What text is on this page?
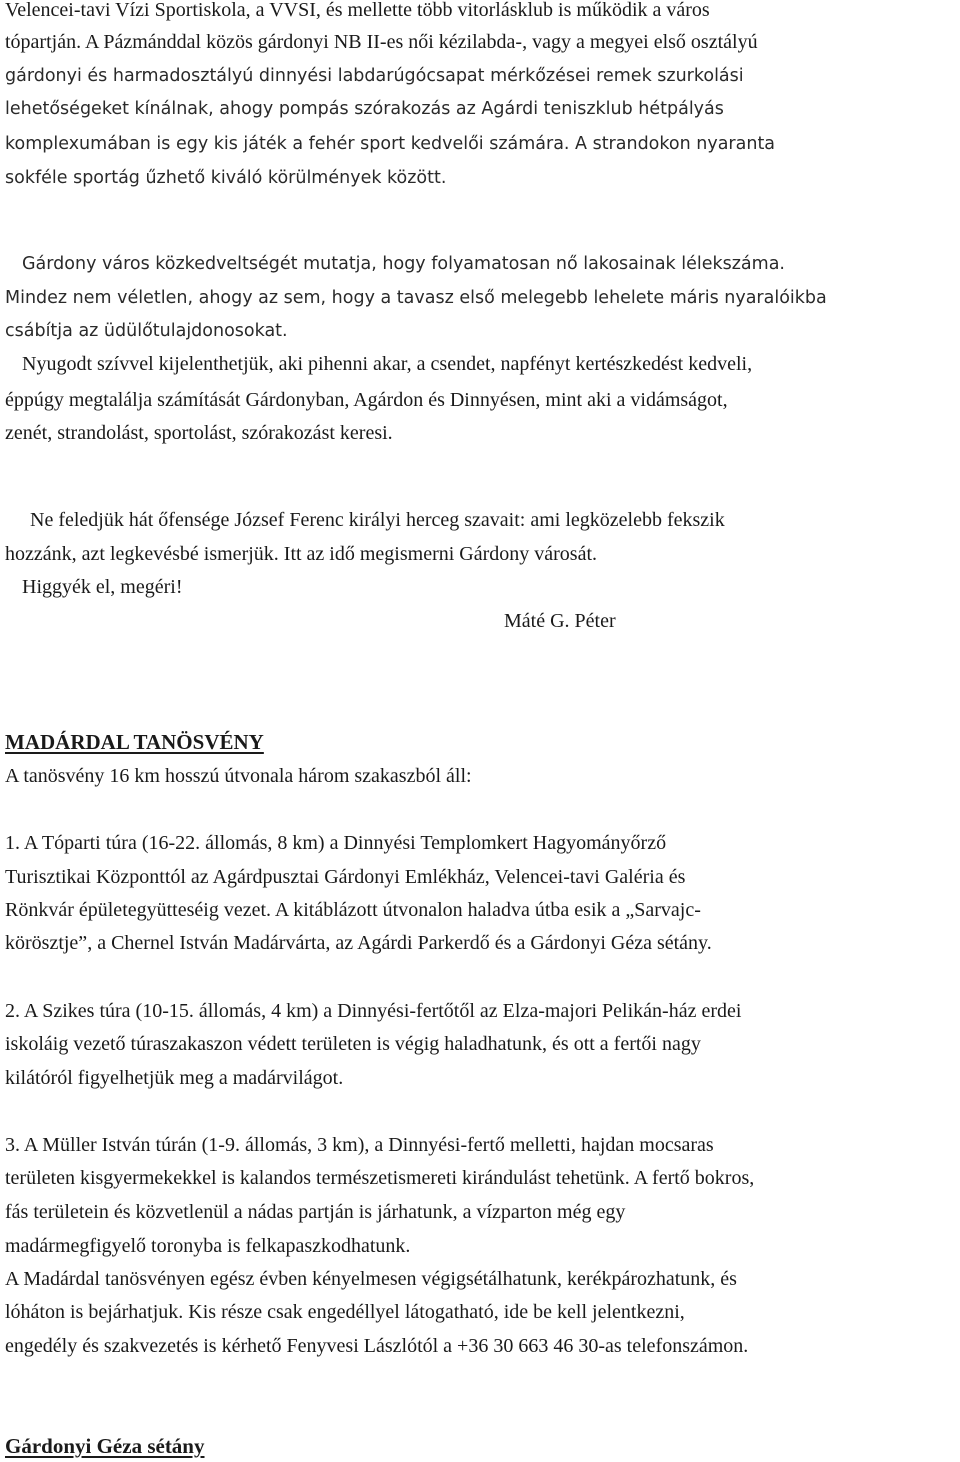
Velencei-tavi Vízi Sportiskola, a VVSI, és mellette több vitorlásklub is működik a város
tópartján. A Pázmánddal közös gárdonyi NB II-es női kézilabda-, vagy a megyei első osztályú
gárdonyi és harmadosztályú dinnyési labdarúgócsapat mérkőzései remek szurkolási
lehetőségeket kínálnak, ahogy pompás szórakozás az Agárdi teniszklub hétpályás
komplexumában is egy kis játék a fehér sport kedvelői számára. A strandokon nyaranta
sokféle sportág űzhető kiváló körülmények között.
Gárdony város közkedveltségét mutatja, hogy folyamatosan nő lakosainak lélekszáma.
Mindez nem véletlen, ahogy az sem, hogy a tavasz első melegebb lehelete máris nyaralóikba
csábítja az üdülőtulajdonosokat.
Nyugodt szívvel kijelenthetjük, aki pihenni akar, a csendet, napfényt kertészkedést kedveli,
éppúgy megtalálja számítását Gárdonyban, Agárdon és Dinnyésen, mint aki a vidámságot,
zenét, strandolást, sportolást, szórakozást keresi.
Ne feledjük hát őfensége József Ferenc királyi herceg szavait: ami legközelebb fekszik
hozzánk, azt legkevésbé ismerjük. Itt az idő megismerni Gárdony városát.
Higgyék el, megéri!
Máté G. Péter
MADÁRDAL TANÖSVÉNY
A tanösvény 16 km hosszú útvonala három szakaszból áll:
1. A Tóparti túra (16-22. állomás, 8 km) a Dinnyési Templomkert Hagyományőrző
Turisztikai Központtól az Agárdpusztai Gárdonyi Emlékház, Velencei-tavi Galéria és
Rönkvár épületegyütteséig vezet. A kitáblázott útvonalon haladva útba esik a „Sarvajc-
körösztje”, a Chernel István Madárvárta, az Agárdi Parkerdő és a Gárdonyi Géza sétány.
2. A Szikes túra (10-15. állomás, 4 km) a Dinnyési-fertőtől az Elza-majori Pelikán-ház erdei
iskoláig vezető túraszakaszon védett területen is végig haladhatunk, és ott a fertői nagy
kilátóról figyelhetjük meg a madárvilágot.
3. A Müller István túrán (1-9. állomás, 3 km), a Dinnyési-fertő melletti, hajdan mocsaras
területen kisgyermekekkel is kalandos természetismereti kirándulást tehetünk. A fertő bokros,
fás területein és közvetlenül a nádas partján is járhatunk, a vízparton még egy
madármegfigyelő toronyba is felkapaszkodhatunk.
A Madárdal tanösvényen egész évben kényelmesen végigsétálhatunk, kerékpározhatunk, és
lóháton is bejárhatjuk. Kis része csak engedéllyel látogatható, ide be kell jelentkezni,
engedély és szakvezetés is kérhető Fenyvesi Lászlótól a +36 30 663 46 30-as telefonszámon.
Gárdonyi Géza sétány
